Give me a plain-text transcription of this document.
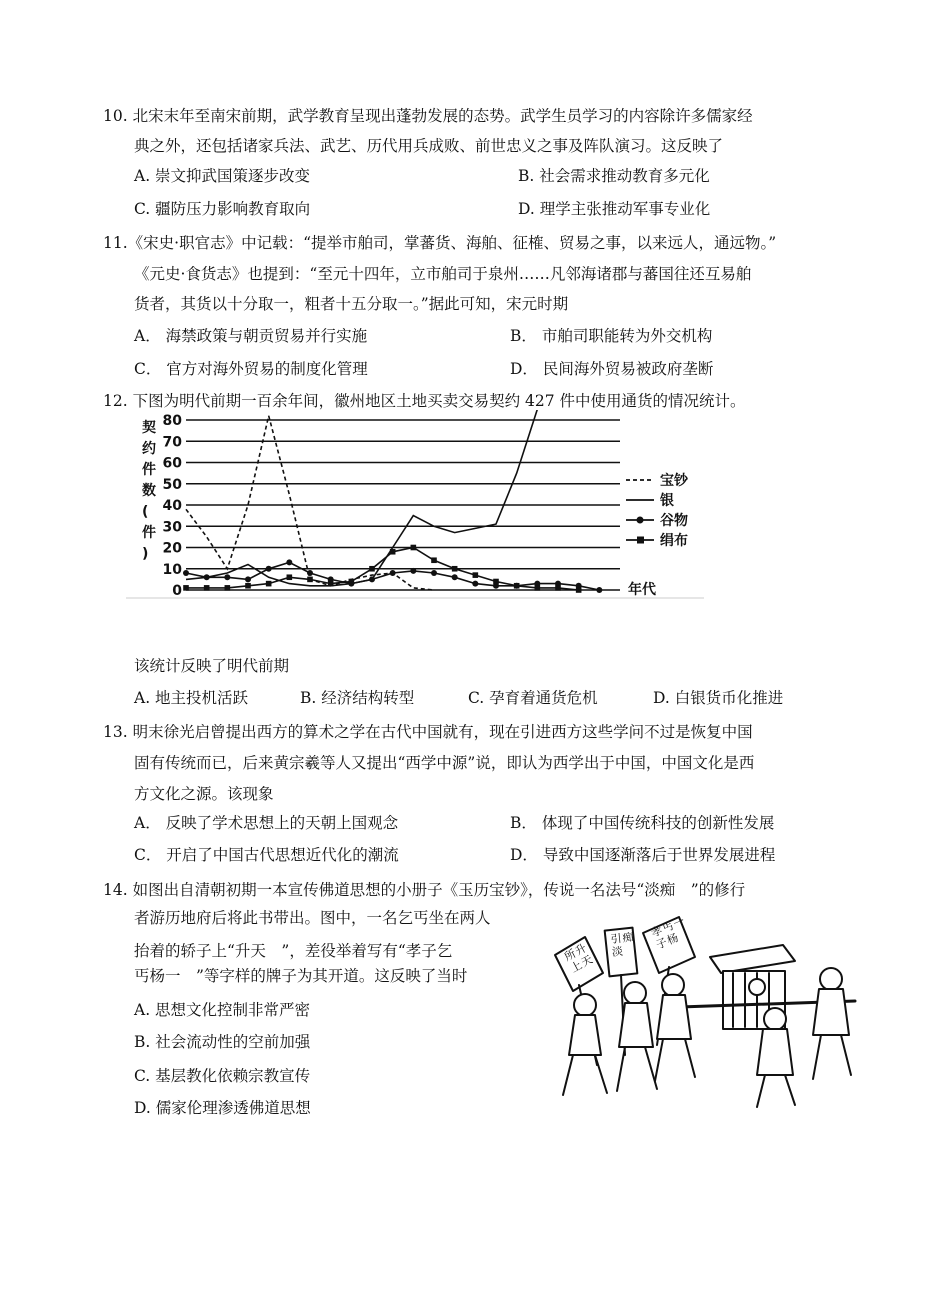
10. 北宋末年至南宋前期，武学教育呈现出蓬勃发展的态势。武学生员学习的内容除许多儒家经
典之外，还包括诸家兵法、武艺、历代用兵成败、前世忠义之事及阵队演习。这反映了
A. 崇文抑武国策逐步改变	B. 社会需求推动教育多元化
C. 疆防压力影响教育取向	D. 理学主张推动军事专业化
11.《宋史·职官志》中记载：“提举市舶司，掌蕃货、海舶、征榷、贸易之事，以来远人，通远物。”
《元史·食货志》也提到：“至元十四年，立市舶司于泉州……凡邻海诸郡与蕃国往还互易舶
货者，其货以十分取一，粗者十五分取一。”据此可知，宋元时期
A． 海禁政策与朝贡贸易并行实施	B． 市舶司职能转为外交机构
C． 官方对海外贸易的制度化管理	D． 民间海外贸易被政府垄断
12. 下图为明代前期一百余年间，徽州地区土地买卖交易契约 427 件中使用通货的情况统计。
0
10
20
30
40
50
60
70
80
宝钞
银
谷物
绢布
契约件数(件)
年代
该统计反映了明代前期
A. 地主投机活跃	B. 经济结构转型	C. 孕育着通货危机	D. 白银货币化推进
13. 明末徐光启曾提出西方的算术之学在古代中国就有，现在引进西方这些学问不过是恢复中国
固有传统而已，后来黄宗羲等人又提出“西学中源”说，即认为西学出于中国，中国文化是西
方文化之源。该现象
A． 反映了学术思想上的天朝上国观念	B． 体现了中国传统科技的创新性发展
C． 开启了中国古代思想近代化的潮流	D． 导致中国逐渐落后于世界发展进程
14. 如图出自清朝初期一本宣传佛道思想的小册子《玉历宝钞》，传说一名法号“淡痴　”的修行
者游历地府后将此书带出。图中，一名乞丐坐在两人
抬着的轿子上“升天　”，差役举着写有“孝子乞
丐杨一　”等字样的牌子为其开道。这反映了当时
A. 思想文化控制非常严密
B. 社会流动性的空前加强
C. 基层教化依赖宗教宣传
D. 儒家伦理渗透佛道思想
所
上
升
天
引
淡
痴 孝
子
丐
杨
一
